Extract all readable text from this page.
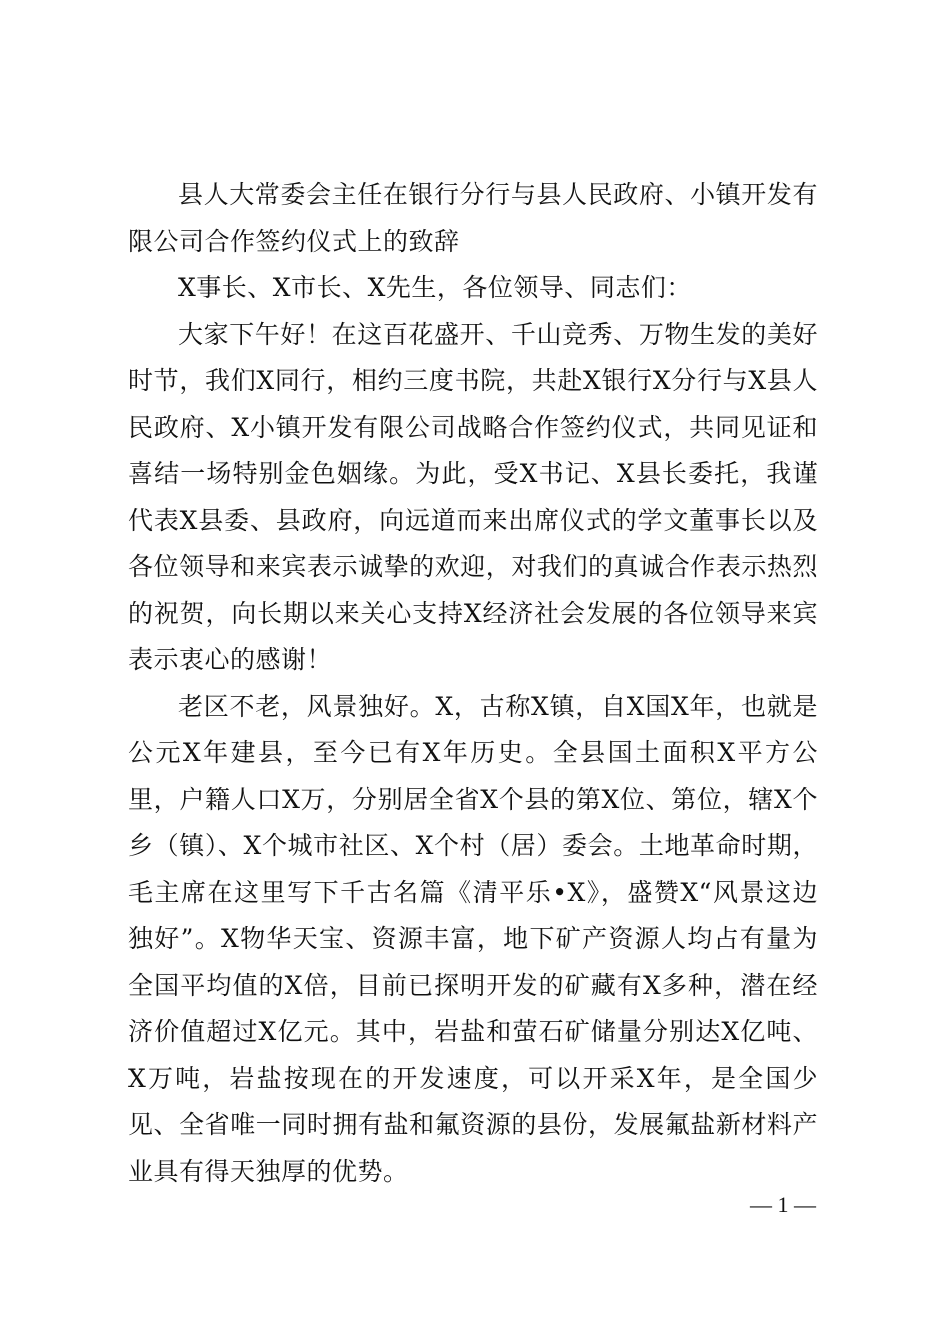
县人大常委会主任在银行分行与县人民政府、小镇开发有限公司合作签约仪式上的致辞

X事长、X市长、X先生，各位领导、同志们：

大家下午好！在这百花盛开、千山竞秀、万物生发的美好时节，我们X同行，相约三度书院，共赴X银行X分行与X县人民政府、X小镇开发有限公司战略合作签约仪式，共同见证和喜结一场特别金色姻缘。为此，受X书记、X县长委托，我谨代表X县委、县政府，向远道而来出席仪式的学文董事长以及各位领导和来宾表示诚挚的欢迎，对我们的真诚合作表示热烈的祝贺，向长期以来关心支持X经济社会发展的各位领导来宾表示衷心的感谢！

老区不老，风景独好。X，古称X镇，自X国X年，也就是公元X年建县，至今已有X年历史。全县国土面积X平方公里，户籍人口X万，分别居全省X个县的第X位、第位，辖X个乡（镇）、X个城市社区、X个村（居）委会。土地革命时期，毛主席在这里写下千古名篇《清平乐•X》，盛赞X“风景这边独好”。X物华天宝、资源丰富，地下矿产资源人均占有量为全国平均值的X倍，目前已探明开发的矿藏有X多种，潜在经济价值超过X亿元。其中，岩盐和萤石矿储量分别达X亿吨、X万吨，岩盐按现在的开发速度，可以开采X年，是全国少见、全省唯一同时拥有盐和氟资源的县份，发展氟盐新材料产业具有得天独厚的优势。

— 1 —
